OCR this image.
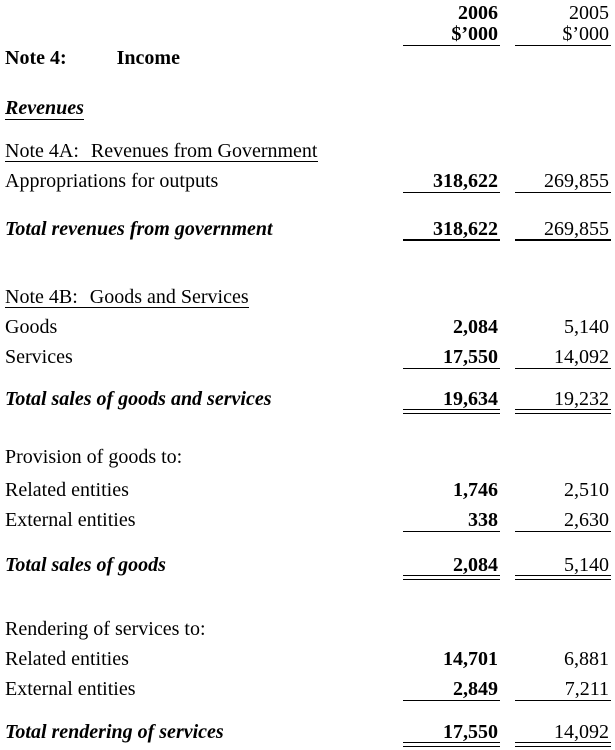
2006	2005
$’000	$’000
Note 4:	Income
Revenues
Note 4A: Revenues from Government
Appropriations for outputs	318,622	269,855
Total revenues from government	318,622	269,855
Note 4B: Goods and Services
Goods	2,084	5,140
Services	17,550	14,092
Total sales of goods and services	19,634	19,232
Provision of goods to:
Related entities	1,746	2,510
External entities	338	2,630
Total sales of goods	2,084	5,140
Rendering of services to:
Related entities	14,701	6,881
External entities	2,849	7,211
Total rendering of services	17,550	14,092
